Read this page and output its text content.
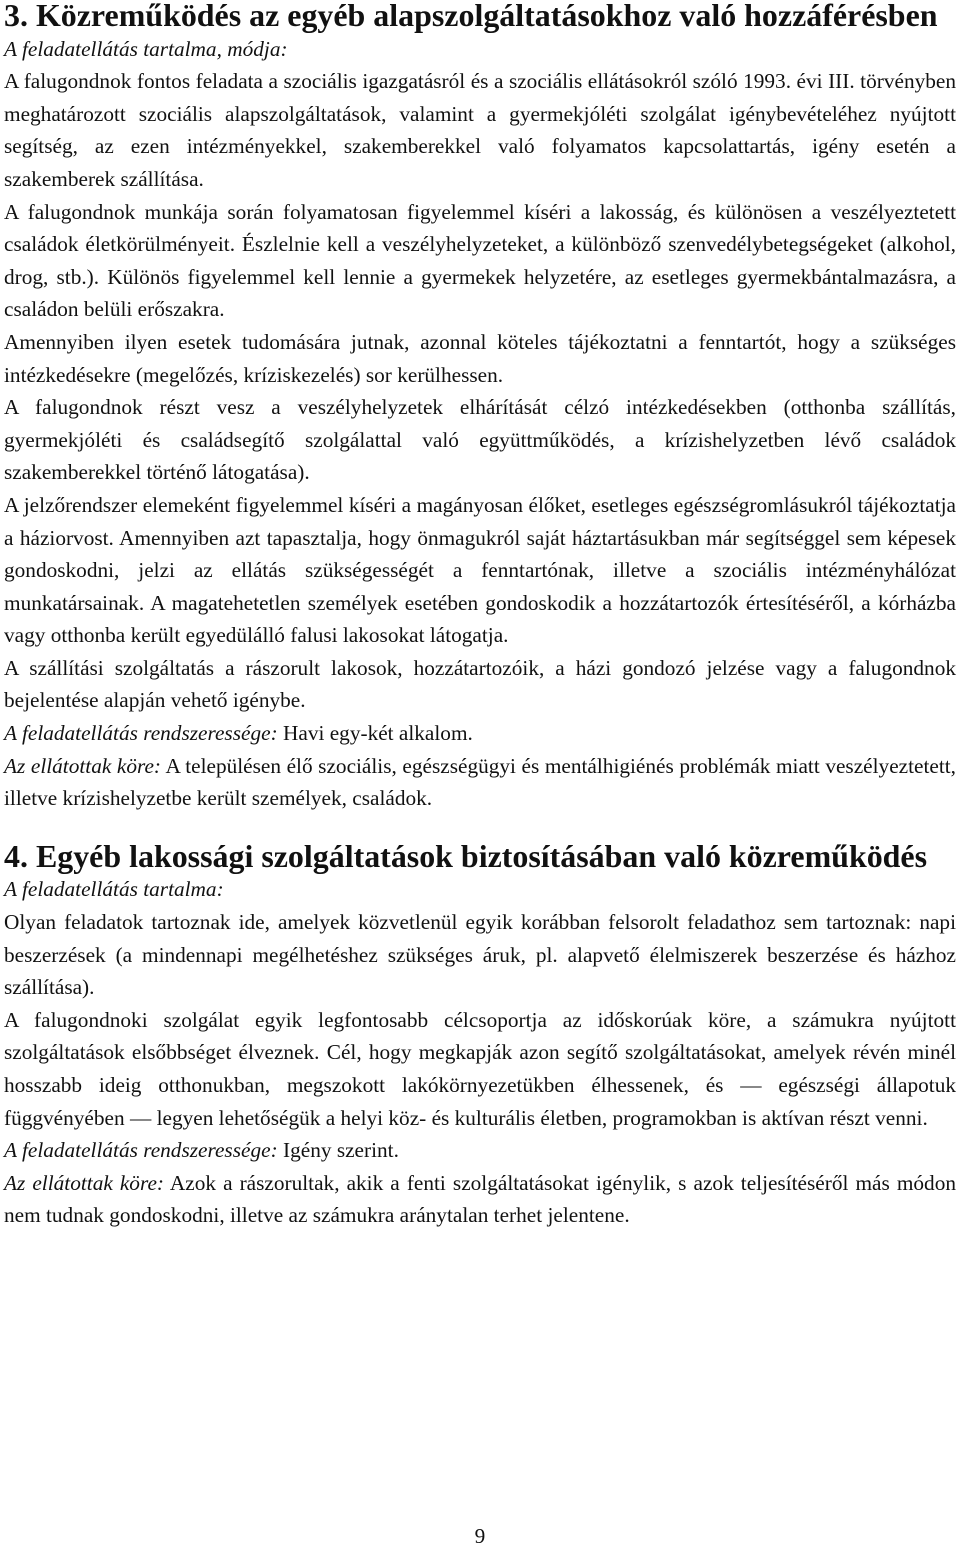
3. Közreműködés az egyéb alapszolgáltatásokhoz való hozzáférésben

A feladatellátás tartalma, módja:

A falugondnok fontos feladata a szociális igazgatásról és a szociális ellátásokról szóló 1993. évi III. törvényben meghatározott szociális alapszolgáltatások, valamint a gyermekjóléti szolgálat igénybevételéhez nyújtott segítség, az ezen intézményekkel, szakemberekkel való folyamatos kapcsolattartás, igény esetén a szakemberek szállítása.

A falugondnok munkája során folyamatosan figyelemmel kíséri a lakosság, és különösen a veszélyeztetett családok életkörülményeit. Észlelnie kell a veszélyhelyzeteket, a különböző szenvedélybetegségeket (alkohol, drog, stb.). Különös figyelemmel kell lennie a gyermekek helyzetére, az esetleges gyermekbántalmazásra, a családon belüli erőszakra.

Amennyiben ilyen esetek tudomására jutnak, azonnal köteles tájékoztatni a fenntartót, hogy a szükséges intézkedésekre (megelőzés, kríziskezelés) sor kerülhessen.

A falugondnok részt vesz a veszélyhelyzetek elhárítását célzó intézkedésekben (otthonba szállítás, gyermekjóléti és családsegítő szolgálattal való együttműködés, a krízishelyzetben lévő családok szakemberekkel történő látogatása).

A jelzőrendszer elemeként figyelemmel kíséri a magányosan élőket, esetleges egészségromlásukról tájékoztatja a háziorvost. Amennyiben azt tapasztalja, hogy önmagukról saját háztartásukban már segítséggel sem képesek gondoskodni, jelzi az ellátás szükségességét a fenntartónak, illetve a szociális intézményhálózat munkatársainak. A magatehetetlen személyek esetében gondoskodik a hozzátartozók értesítéséről, a kórházba vagy otthonba került egyedülálló falusi lakosokat látogatja.

A szállítási szolgáltatás a rászorult lakosok, hozzátartozóik, a házi gondozó jelzése vagy a falugondnok bejelentése alapján vehető igénybe.

A feladatellátás rendszeressége: Havi egy-két alkalom.

Az ellátottak köre: A településen élő szociális, egészségügyi és mentálhigiénés problémák miatt veszélyeztetett, illetve krízishelyzetbe került személyek, családok.

4. Egyéb lakossági szolgáltatások biztosításában való közreműködés

A feladatellátás tartalma:

Olyan feladatok tartoznak ide, amelyek közvetlenül egyik korábban felsorolt feladathoz sem tartoznak: napi beszerzések (a mindennapi megélhetéshez szükséges áruk, pl. alapvető élelmiszerek beszerzése és házhoz szállítása).

A falugondnoki szolgálat egyik legfontosabb célcsoportja az időskorúak köre, a számukra nyújtott szolgáltatások elsőbbséget élveznek. Cél, hogy megkapják azon segítő szolgáltatásokat, amelyek révén minél hosszabb ideig otthonukban, megszokott lakókörnyezetükben élhessenek, és — egészségi állapotuk függvényében — legyen lehetőségük a helyi köz- és kulturális életben, programokban is aktívan részt venni.

A feladatellátás rendszeressége: Igény szerint.

Az ellátottak köre: Azok a rászorultak, akik a fenti szolgáltatásokat igénylik, s azok teljesítéséről más módon nem tudnak gondoskodni, illetve az számukra aránytalan terhet jelentene.

9
